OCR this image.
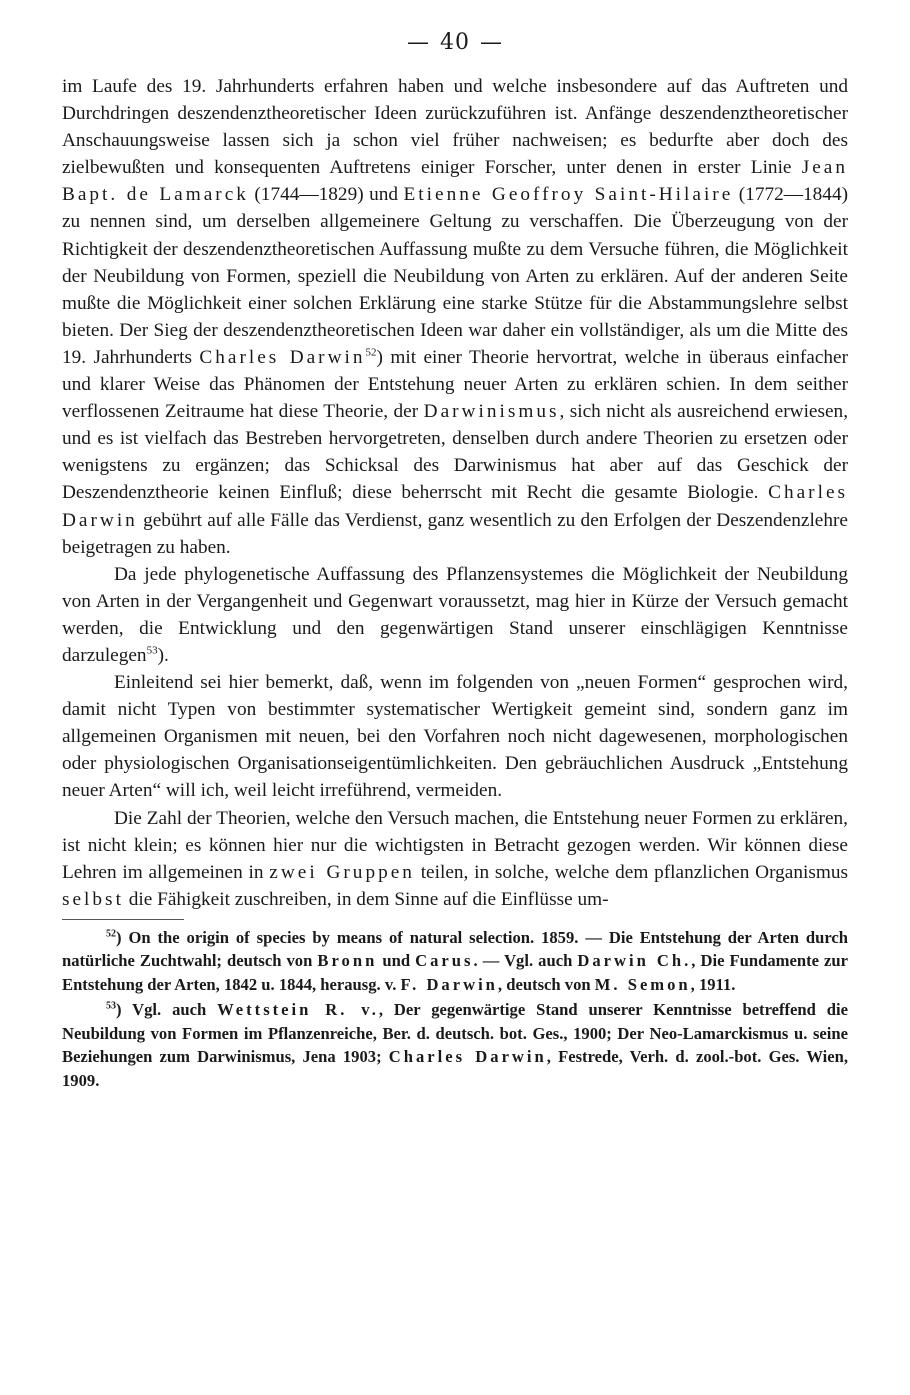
— 40 —

im Laufe des 19. Jahrhunderts erfahren haben und welche insbesondere auf das Auftreten und Durchdringen deszendenztheoretischer Ideen zurückzuführen ist. Anfänge deszendenztheoretischer Anschauungsweise lassen sich ja schon viel früher nachweisen; es bedurfte aber doch des zielbewußten und konsequenten Auftretens einiger Forscher, unter denen in erster Linie Jean Bapt. de Lamarck (1744—1829) und Etienne Geoffroy Saint-Hilaire (1772—1844) zu nennen sind, um derselben allgemeinere Geltung zu verschaffen. Die Überzeugung von der Richtigkeit der deszendenztheoretischen Auffassung mußte zu dem Versuche führen, die Möglichkeit der Neubildung von Formen, speziell die Neubildung von Arten zu erklären. Auf der anderen Seite mußte die Möglichkeit einer solchen Erklärung eine starke Stütze für die Abstammungslehre selbst bieten. Der Sieg der deszendenztheoretischen Ideen war daher ein vollständiger, als um die Mitte des 19. Jahrhunderts Charles Darwin$^{52}$) mit einer Theorie hervortrat, welche in überaus einfacher und klarer Weise das Phänomen der Entstehung neuer Arten zu erklären schien. In dem seither verflossenen Zeitraume hat diese Theorie, der Darwinismus, sich nicht als ausreichend erwiesen, und es ist vielfach das Bestreben hervorgetreten, denselben durch andere Theorien zu ersetzen oder wenigstens zu ergänzen; das Schicksal des Darwinismus hat aber auf das Geschick der Deszendenztheorie keinen Einfluß; diese beherrscht mit Recht die gesamte Biologie. Charles Darwin gebührt auf alle Fälle das Verdienst, ganz wesentlich zu den Erfolgen der Deszendenzlehre beigetragen zu haben.

Da jede phylogenetische Auffassung des Pflanzensystemes die Möglichkeit der Neubildung von Arten in der Vergangenheit und Gegenwart voraussetzt, mag hier in Kürze der Versuch gemacht werden, die Entwicklung und den gegenwärtigen Stand unserer einschlägigen Kenntnisse darzulegen$^{53}$).

Einleitend sei hier bemerkt, daß, wenn im folgenden von „neuen Formen“ gesprochen wird, damit nicht Typen von bestimmter systematischer Wertigkeit gemeint sind, sondern ganz im allgemeinen Organismen mit neuen, bei den Vorfahren noch nicht dagewesenen, morphologischen oder physiologischen Organisationseigentümlichkeiten. Den gebräuchlichen Ausdruck „Entstehung neuer Arten“ will ich, weil leicht irreführend, vermeiden.

Die Zahl der Theorien, welche den Versuch machen, die Entstehung neuer Formen zu erklären, ist nicht klein; es können hier nur die wichtigsten in Betracht gezogen werden. Wir können diese Lehren im allgemeinen in zwei Gruppen teilen, in solche, welche dem pflanzlichen Organismus selbst die Fähigkeit zuschreiben, in dem Sinne auf die Einflüsse um-

$^{52}$) On the origin of species by means of natural selection. 1859. — Die Entstehung der Arten durch natürliche Zuchtwahl; deutsch von Bronn und Carus. — Vgl. auch Darwin Ch., Die Fundamente zur Entstehung der Arten, 1842 u. 1844, herausg. v. F. Darwin, deutsch von M. Semon, 1911.

$^{53}$) Vgl. auch Wettstein R. v., Der gegenwärtige Stand unserer Kenntnisse betreffend die Neubildung von Formen im Pflanzenreiche, Ber. d. deutsch. bot. Ges., 1900; Der Neo-Lamarckismus u. seine Beziehungen zum Darwinismus, Jena 1903; Charles Darwin, Festrede, Verh. d. zool.-bot. Ges. Wien, 1909.
